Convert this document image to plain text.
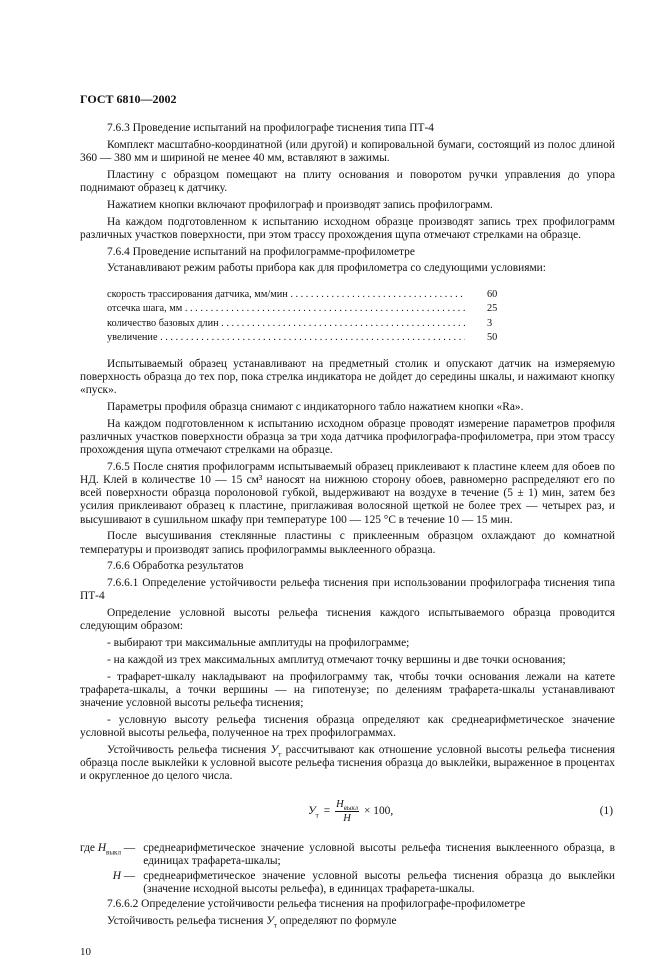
ГОСТ 6810—2002

7.6.3 Проведение испытаний на профилографе тиснения типа ПТ-4

Комплект масштабно-координатной (или другой) и копировальной бумаги, состоящий из полос длиной 360 — 380 мм и шириной не менее 40 мм, вставляют в зажимы.

Пластину с образцом помещают на плиту основания и поворотом ручки управления до упора поднимают образец к датчику.

Нажатием кнопки включают профилограф и производят запись профилограмм.

На каждом подготовленном к испытанию исходном образце производят запись трех профилограмм различных участков поверхности, при этом трассу прохождения щупа отмечают стрелками на образце.

7.6.4 Проведение испытаний на профилограмме-профилометре

Устанавливают режим работы прибора как для профилометра со следующими условиями:

скорость трассирования датчика, мм/мин . . .	60
отсечка шага, мм . . .	25
количество базовых длин . . .	3
увеличение . . .	50

Испытываемый образец устанавливают на предметный столик и опускают датчик на измеряемую поверхность образца до тех пор, пока стрелка индикатора не дойдет до середины шкалы, и нажимают кнопку «пуск».

Параметры профиля образца снимают с индикаторного табло нажатием кнопки «Ra».

На каждом подготовленном к испытанию исходном образце проводят измерение параметров профиля различных участков поверхности образца за три хода датчика профилографа-профилометра, при этом трассу прохождения щупа отмечают стрелками на образце.

7.6.5 После снятия профилограмм испытываемый образец приклеивают к пластине клеем для обоев по НД. Клей в количестве 10 — 15 см³ наносят на нижнюю сторону обоев, равномерно распределяют его по всей поверхности образца поролоновой губкой, выдерживают на воздухе в течение (5 ± 1) мин, затем без усилия приклеивают образец к пластине, приглаживая волосяной щеткой не более трех — четырех раз, и высушивают в сушильном шкафу при температуре 100 — 125 °С в течение 10 — 15 мин.

После высушивания стеклянные пластины с приклеенным образцом охлаждают до комнатной температуры и производят запись профилограммы выклеенного образца.

7.6.6 Обработка результатов

7.6.6.1 Определение устойчивости рельефа тиснения при использовании профилографа тиснения типа ПТ-4

Определение условной высоты рельефа тиснения каждого испытываемого образца проводится следующим образом:

- выбирают три максимальные амплитуды на профилограмме;

- на каждой из трех максимальных амплитуд отмечают точку вершины и две точки основания;

- трафарет-шкалу накладывают на профилограмму так, чтобы точки основания лежали на катете трафарета-шкалы, а точки вершины — на гипотенузе; по делениям трафарета-шкалы устанавливают значение условной высоты рельефа тиснения;

- условную высоту рельефа тиснения образца определяют как среднеарифметическое значение условной высоты рельефа, полученное на трех профилограммах.

Устойчивость рельефа тиснения $У_т$ рассчитывают как отношение условной высоты рельефа тиснения образца после выклейки к условной высоте рельефа тиснения образца до выклейки, выраженное в процентах и округленное до целого числа.

$У_т = \frac{H_{выкл}}{H} \times 100$,	(1)
где $H_{выкл}$ — среднеарифметическое значение условной высоты рельефа тиснения выклеенного образца, в единицах трафарета-шкалы;
H — среднеарифметическое значение условной высоты рельефа тиснения образца до выклейки (значение исходной высоты рельефа), в единицах трафарета-шкалы.

7.6.6.2 Определение устойчивости рельефа тиснения на профилографе-профилометре

Устойчивость рельефа тиснения $У_т$ определяют по формуле

10
